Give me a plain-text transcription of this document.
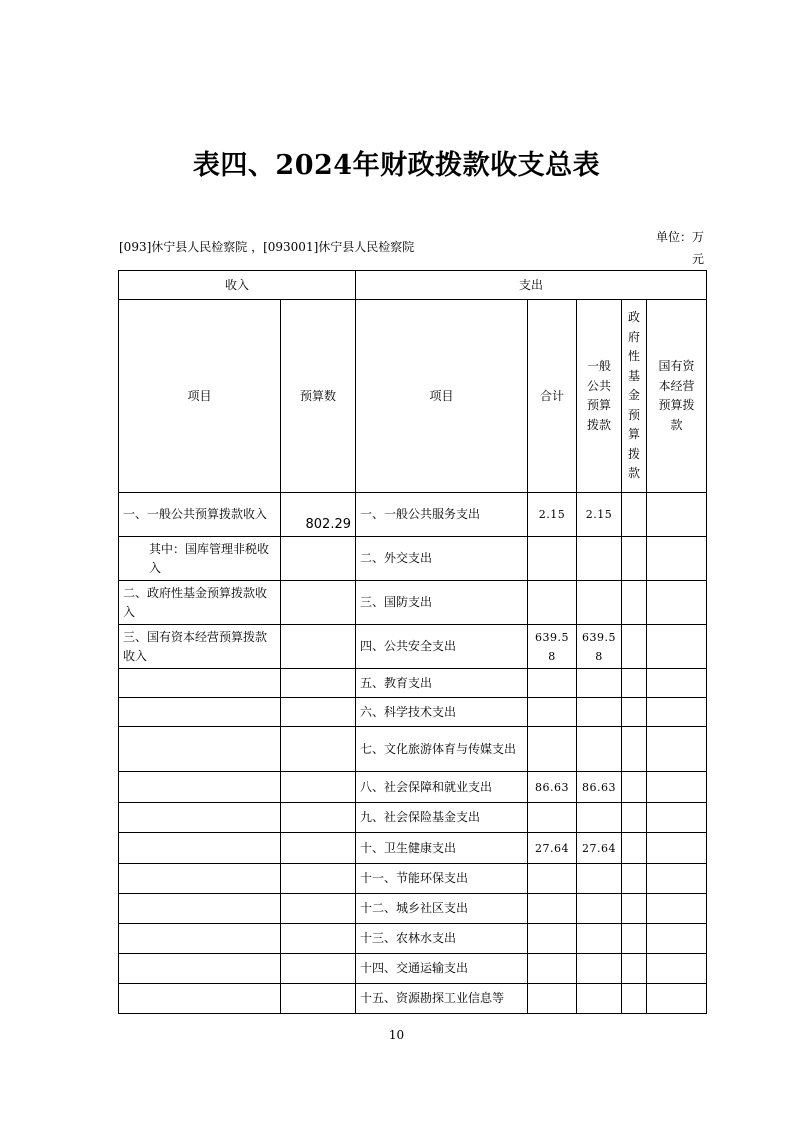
表四、2024年财政拨款收支总表
单位：万元
[093]休宁县人民检察院 ，[093001]休宁县人民检察院
收入		支出				
项目	预算数	项目	合计	一般公共预算拨款	政府性基金预算拨款	国有资本经营预算拨款
一、一般公共预算拨款收入	802.29	一、一般公共服务支出	2.15	2.15		
其中：国库管理非税收入		二、外交支出				
二、政府性基金预算拨款收入		三、国防支出				
三、国有资本经营预算拨款收入		四、公共安全支出	639.58	639.58		
		五、教育支出				
		六、科学技术支出				
		七、文化旅游体育与传媒支出				
		八、社会保障和就业支出	86.63	86.63		
		九、社会保险基金支出				
		十、卫生健康支出	27.64	27.64		
		十一、节能环保支出				
		十二、城乡社区支出				
		十三、农林水支出				
		十四、交通运输支出				
		十五、资源勘探工业信息等				
10
